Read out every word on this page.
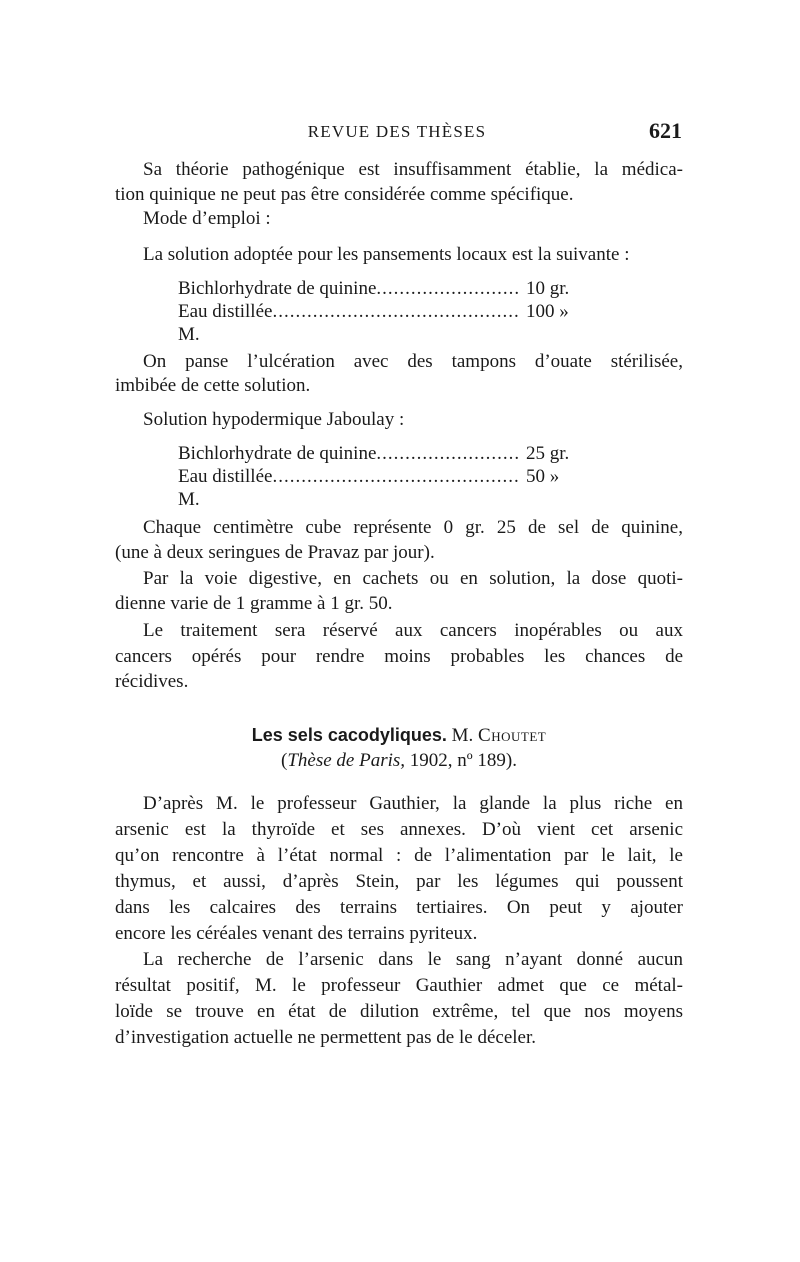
REVUE DES THÈSES	621
Sa théorie pathogénique est insuffisamment établie, la médica-
tion quinique ne peut pas être considérée comme spécifique.
Mode d’emploi :
La solution adoptée pour les pansements locaux est la suivante :
Bichlorhydrate de quinine .....	10 gr.
Eau distillée .....	100 »
M.
On panse l’ulcération avec des tampons d’ouate stérilisée,
imbibée de cette solution.
Solution hypodermique Jaboulay :
Bichlorhydrate de quinine .....	25 gr.
Eau distillée .....	50 »
M.
Chaque centimètre cube représente 0 gr. 25 de sel de quinine,
(une à deux seringues de Pravaz par jour).
Par la voie digestive, en cachets ou en solution, la dose quoti-
dienne varie de 1 gramme à 1 gr. 50.
Le traitement sera réservé aux cancers inopérables ou aux
cancers opérés pour rendre moins probables les chances de
récidives.
Les sels cacodyliques. M. Choutet
(Thèse de Paris, 1902, nº 189).
D’après M. le professeur Gauthier, la glande la plus riche en
arsenic est la thyroïde et ses annexes. D’où vient cet arsenic
qu’on rencontre à l’état normal : de l’alimentation par le lait, le
thymus, et aussi, d’après Stein, par les légumes qui poussent
dans les calcaires des terrains tertiaires. On peut y ajouter
encore les céréales venant des terrains pyriteux.
La recherche de l’arsenic dans le sang n’ayant donné aucun
résultat positif, M. le professeur Gauthier admet que ce métal-
loïde se trouve en état de dilution extrême, tel que nos moyens
d’investigation actuelle ne permettent pas de le déceler.
